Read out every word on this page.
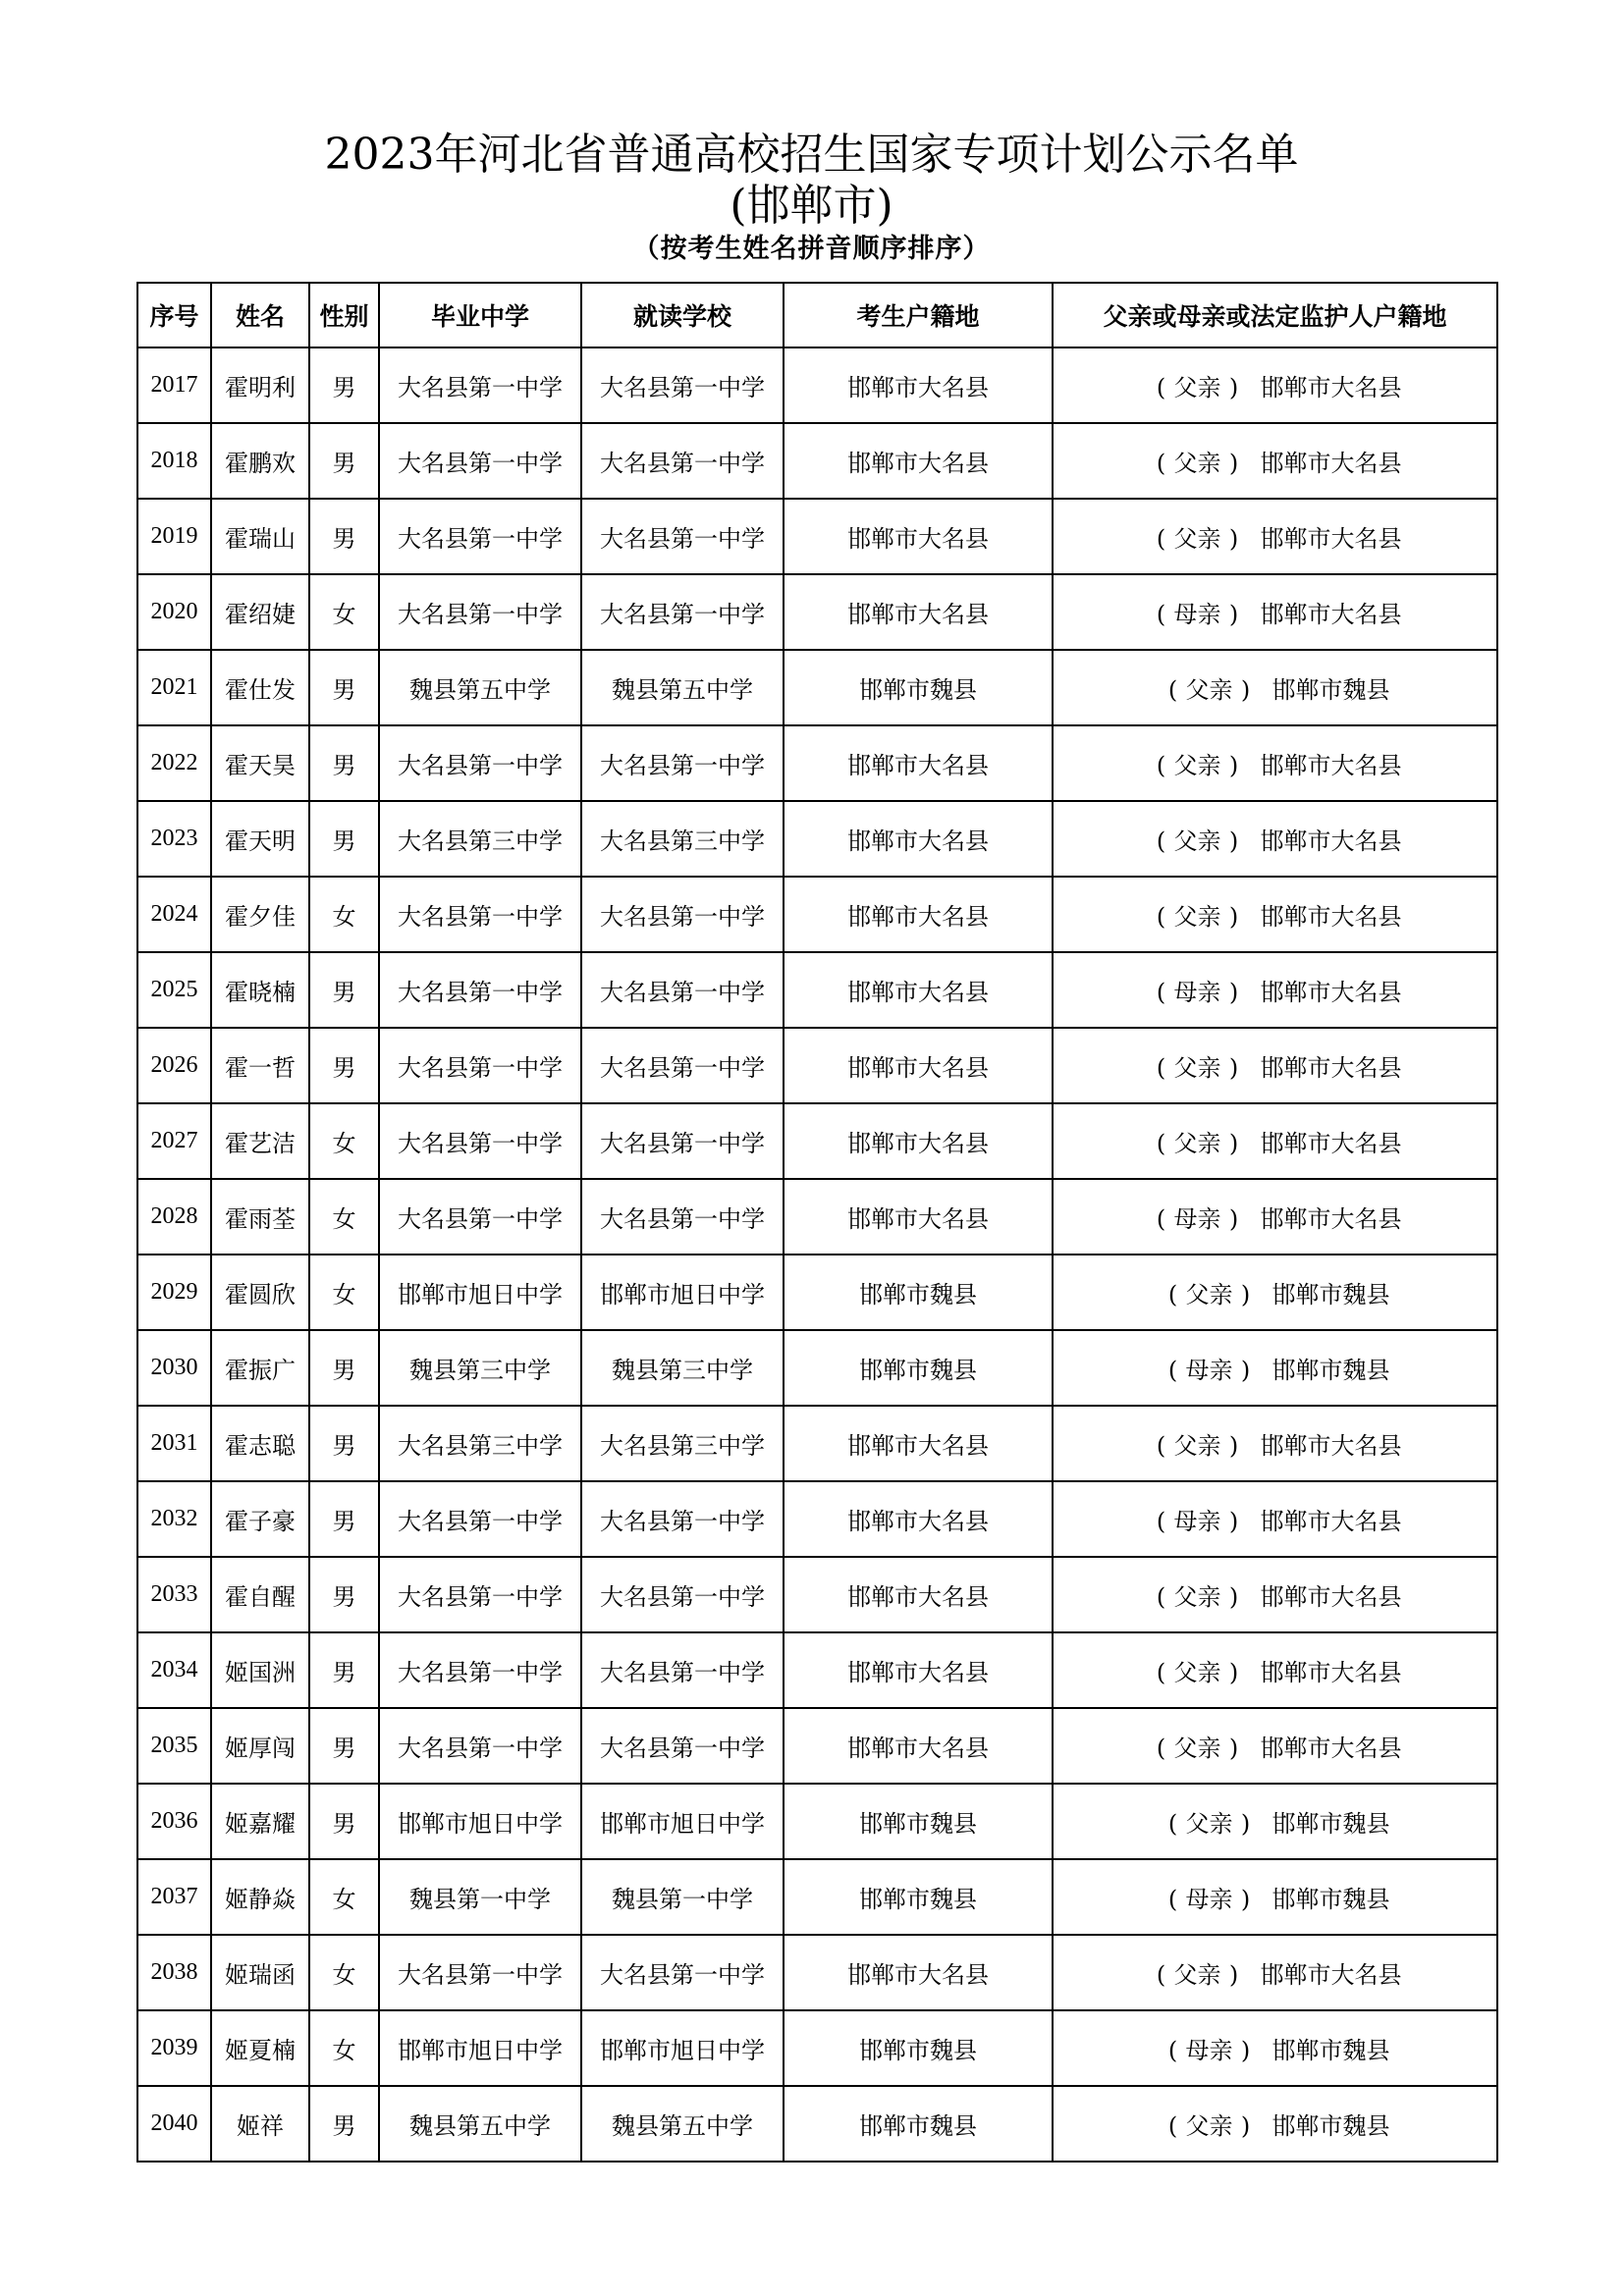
2023年河北省普通高校招生国家专项计划公示名单
(邯郸市)
（按考生姓名拼音顺序排序）
序号	姓名	性别	毕业中学	就读学校	考生户籍地	父亲或母亲或法定监护人户籍地
2017	霍明利	男	大名县第一中学	大名县第一中学	邯郸市大名县	( 父亲 ) 邯郸市大名县
2018	霍鹏欢	男	大名县第一中学	大名县第一中学	邯郸市大名县	( 父亲 ) 邯郸市大名县
2019	霍瑞山	男	大名县第一中学	大名县第一中学	邯郸市大名县	( 父亲 ) 邯郸市大名县
2020	霍绍婕	女	大名县第一中学	大名县第一中学	邯郸市大名县	( 母亲 ) 邯郸市大名县
2021	霍仕发	男	魏县第五中学	魏县第五中学	邯郸市魏县	( 父亲 ) 邯郸市魏县
2022	霍天昊	男	大名县第一中学	大名县第一中学	邯郸市大名县	( 父亲 ) 邯郸市大名县
2023	霍天明	男	大名县第三中学	大名县第三中学	邯郸市大名县	( 父亲 ) 邯郸市大名县
2024	霍夕佳	女	大名县第一中学	大名县第一中学	邯郸市大名县	( 父亲 ) 邯郸市大名县
2025	霍晓楠	男	大名县第一中学	大名县第一中学	邯郸市大名县	( 母亲 ) 邯郸市大名县
2026	霍一哲	男	大名县第一中学	大名县第一中学	邯郸市大名县	( 父亲 ) 邯郸市大名县
2027	霍艺洁	女	大名县第一中学	大名县第一中学	邯郸市大名县	( 父亲 ) 邯郸市大名县
2028	霍雨荃	女	大名县第一中学	大名县第一中学	邯郸市大名县	( 母亲 ) 邯郸市大名县
2029	霍圆欣	女	邯郸市旭日中学	邯郸市旭日中学	邯郸市魏县	( 父亲 ) 邯郸市魏县
2030	霍振广	男	魏县第三中学	魏县第三中学	邯郸市魏县	( 母亲 ) 邯郸市魏县
2031	霍志聪	男	大名县第三中学	大名县第三中学	邯郸市大名县	( 父亲 ) 邯郸市大名县
2032	霍子豪	男	大名县第一中学	大名县第一中学	邯郸市大名县	( 母亲 ) 邯郸市大名县
2033	霍自醒	男	大名县第一中学	大名县第一中学	邯郸市大名县	( 父亲 ) 邯郸市大名县
2034	姬国洲	男	大名县第一中学	大名县第一中学	邯郸市大名县	( 父亲 ) 邯郸市大名县
2035	姬厚闯	男	大名县第一中学	大名县第一中学	邯郸市大名县	( 父亲 ) 邯郸市大名县
2036	姬嘉耀	男	邯郸市旭日中学	邯郸市旭日中学	邯郸市魏县	( 父亲 ) 邯郸市魏县
2037	姬静焱	女	魏县第一中学	魏县第一中学	邯郸市魏县	( 母亲 ) 邯郸市魏县
2038	姬瑞函	女	大名县第一中学	大名县第一中学	邯郸市大名县	( 父亲 ) 邯郸市大名县
2039	姬夏楠	女	邯郸市旭日中学	邯郸市旭日中学	邯郸市魏县	( 母亲 ) 邯郸市魏县
2040	姬祥	男	魏县第五中学	魏县第五中学	邯郸市魏县	( 父亲 ) 邯郸市魏县
